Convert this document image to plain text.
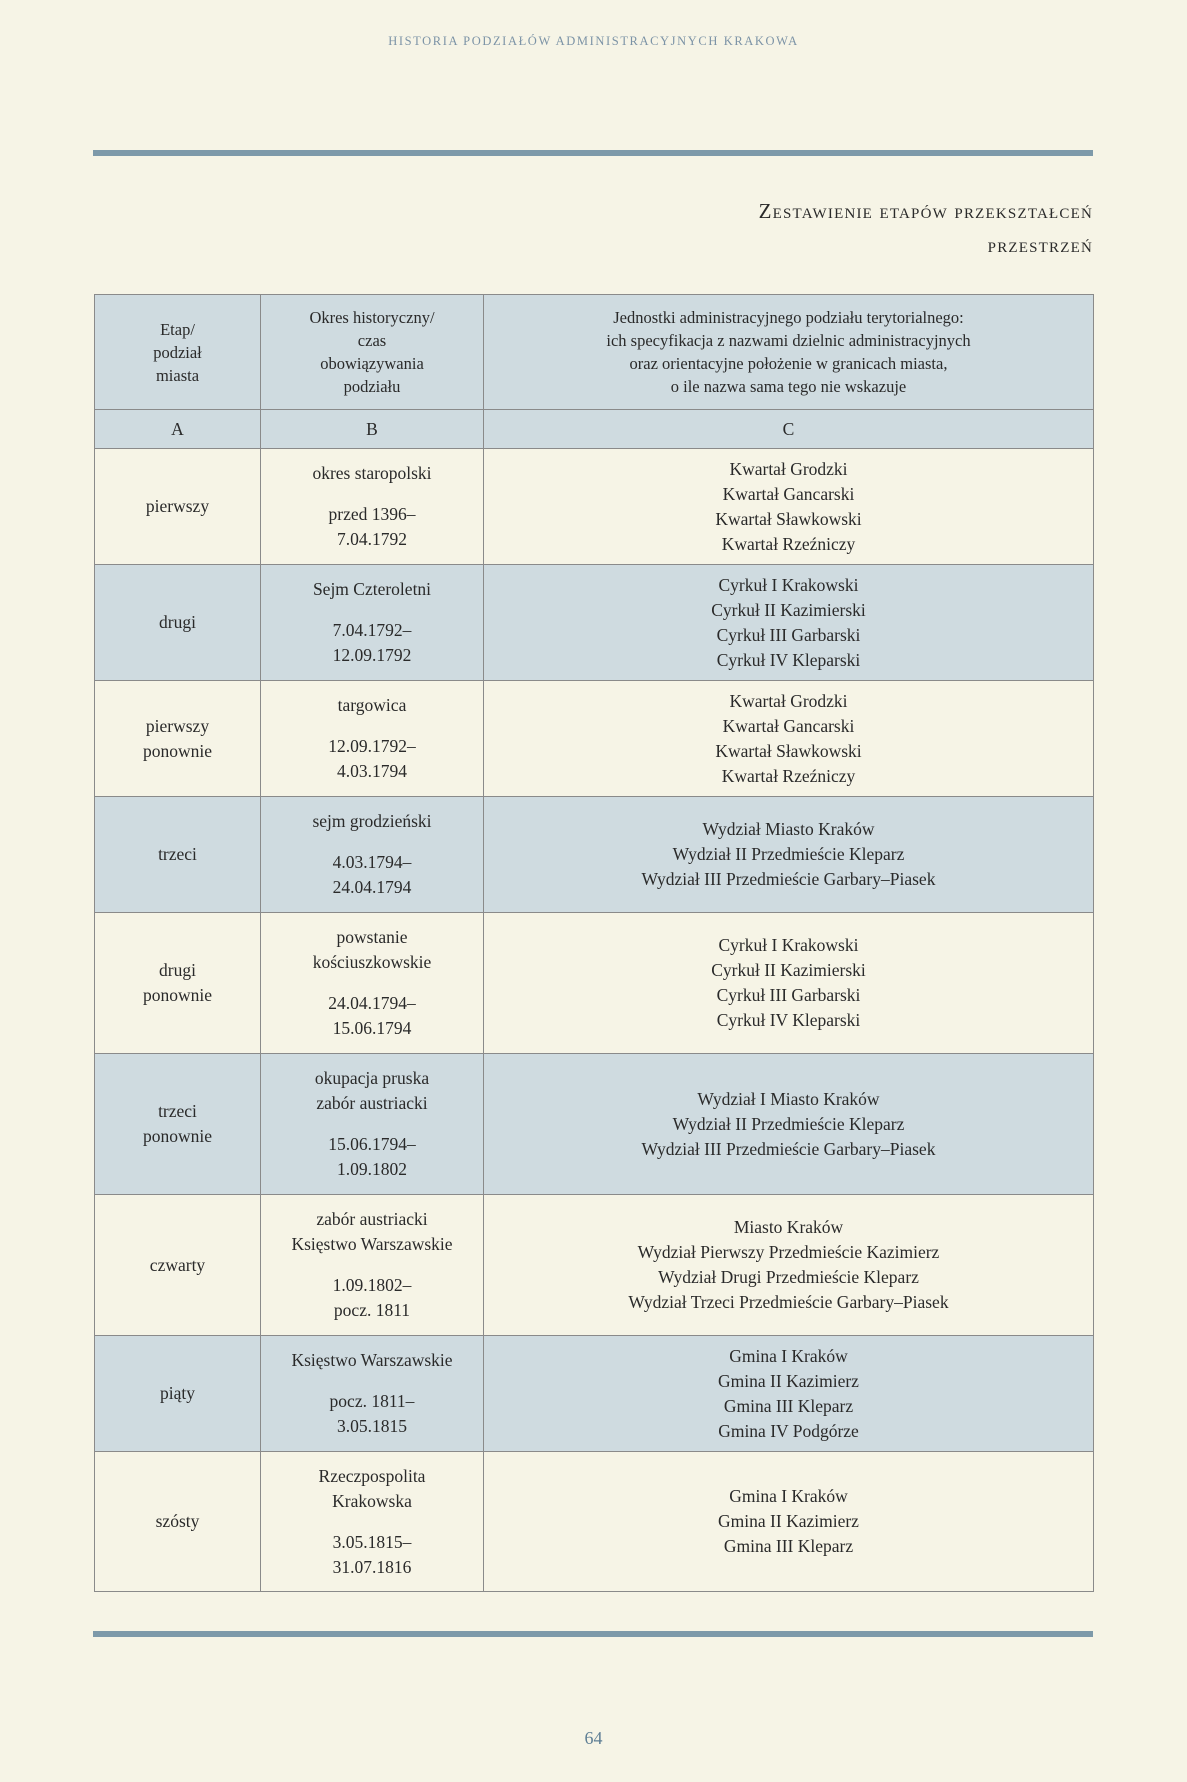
HISTORIA PODZIAŁÓW ADMINISTRACYJNYCH KRAKOWA
Zestawienie etapów przekształceń
przestrzeń
Etap/
podział
miasta	Okres historyczny/
czas
obowiązywania
podziału	Jednostki administracyjnego podziału terytorialnego:
ich specyfikacja z nazwami dzielnic administracyjnych
oraz orientacyjne położenie w granicach miasta,
o ile nazwa sama tego nie wskazuje
A	B	C
pierwszy	okres staropolski
przed 1396–
7.04.1792	Kwartał Grodzki
Kwartał Gancarski
Kwartał Sławkowski
Kwartał Rzeźniczy

drugi	Sejm Czteroletni
7.04.1792–
12.09.1792	Cyrkuł I Krakowski
Cyrkuł II Kazimierski
Cyrkuł III Garbarski
Cyrkuł IV Kleparski

pierwszy
ponownie	targowica
12.09.1792–
4.03.1794	Kwartał Grodzki
Kwartał Gancarski
Kwartał Sławkowski
Kwartał Rzeźniczy

trzeci	sejm grodzieński
4.03.1794–
24.04.1794	Wydział Miasto Kraków
Wydział II Przedmieście Kleparz
Wydział III Przedmieście Garbary–Piasek

drugi
ponownie	powstanie
kościuszkowskie
24.04.1794–
15.06.1794	Cyrkuł I Krakowski
Cyrkuł II Kazimierski
Cyrkuł III Garbarski
Cyrkuł IV Kleparski

trzeci
ponownie	okupacja pruska
zabór austriacki
15.06.1794–
1.09.1802	Wydział I Miasto Kraków
Wydział II Przedmieście Kleparz
Wydział III Przedmieście Garbary–Piasek

czwarty	zabór austriacki
Księstwo Warszawskie
1.09.1802–
pocz. 1811	Miasto Kraków
Wydział Pierwszy Przedmieście Kazimierz
Wydział Drugi Przedmieście Kleparz
Wydział Trzeci Przedmieście Garbary–Piasek

piąty	Księstwo Warszawskie
pocz. 1811–
3.05.1815	Gmina I Kraków
Gmina II Kazimierz
Gmina III Kleparz
Gmina IV Podgórze

szósty	Rzeczpospolita
Krakowska
3.05.1815–
31.07.1816	Gmina I Kraków
Gmina II Kazimierz
Gmina III Kleparz
64
